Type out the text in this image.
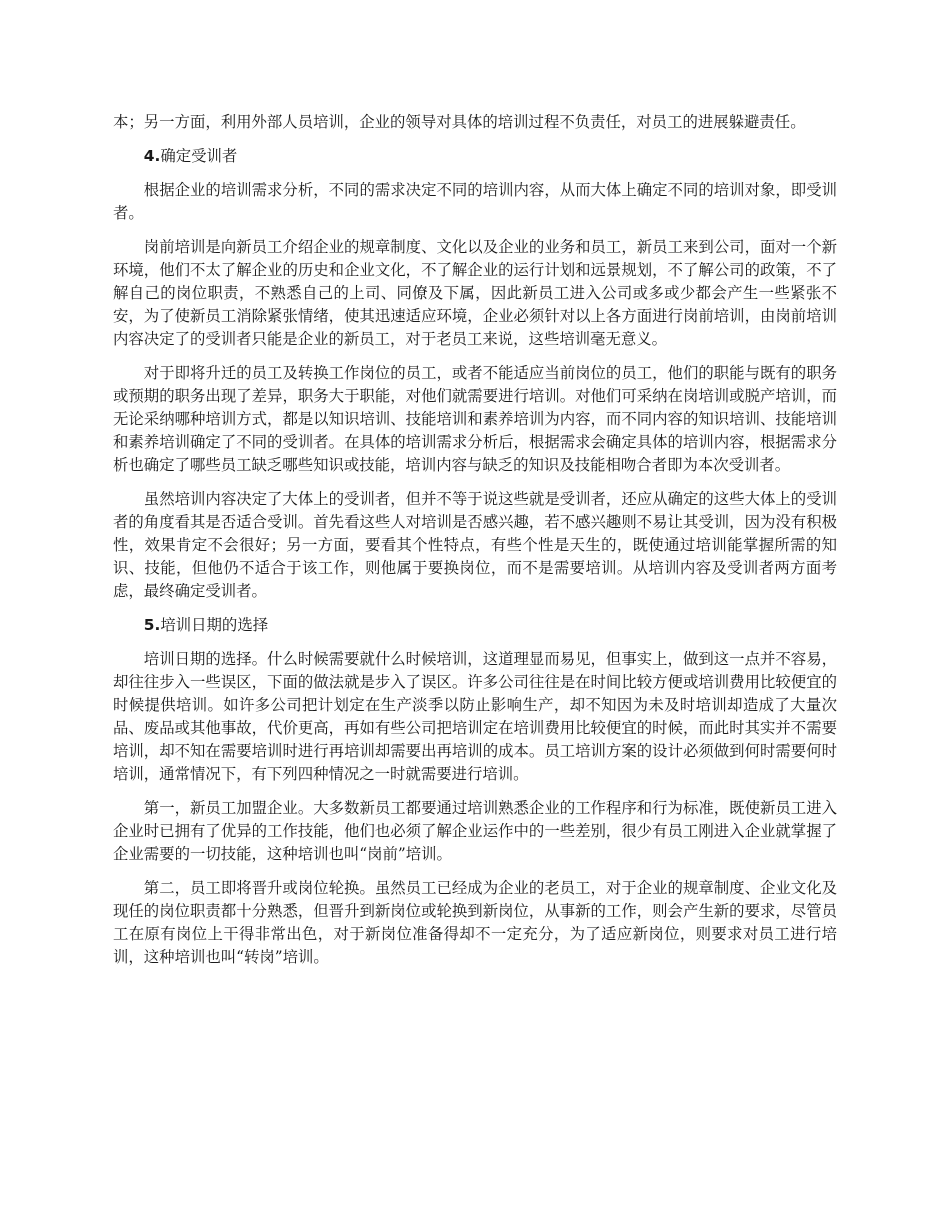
本；另一方面，利用外部人员培训，企业的领导对具体的培训过程不负责任，对员工的进展躲避责任。

4.确定受训者

根据企业的培训需求分析，不同的需求决定不同的培训内容，从而大体上确定不同的培训对象，即受训者。

岗前培训是向新员工介绍企业的规章制度、文化以及企业的业务和员工，新员工来到公司，面对一个新环境，他们不太了解企业的历史和企业文化，不了解企业的运行计划和远景规划，不了解公司的政策，不了解自己的岗位职责，不熟悉自己的上司、同僚及下属，因此新员工进入公司或多或少都会产生一些紧张不安，为了使新员工消除紧张情绪，使其迅速适应环境，企业必须针对以上各方面进行岗前培训，由岗前培训内容决定了的受训者只能是企业的新员工，对于老员工来说，这些培训毫无意义。

对于即将升迁的员工及转换工作岗位的员工，或者不能适应当前岗位的员工，他们的职能与既有的职务或预期的职务出现了差异，职务大于职能，对他们就需要进行培训。对他们可采纳在岗培训或脱产培训，而无论采纳哪种培训方式，都是以知识培训、技能培训和素养培训为内容，而不同内容的知识培训、技能培训和素养培训确定了不同的受训者。在具体的培训需求分析后，根据需求会确定具体的培训内容，根据需求分析也确定了哪些员工缺乏哪些知识或技能，培训内容与缺乏的知识及技能相吻合者即为本次受训者。

虽然培训内容决定了大体上的受训者，但并不等于说这些就是受训者，还应从确定的这些大体上的受训者的角度看其是否适合受训。首先看这些人对培训是否感兴趣，若不感兴趣则不易让其受训，因为没有积极性，效果肯定不会很好；另一方面，要看其个性特点，有些个性是天生的，既使通过培训能掌握所需的知识、技能，但他仍不适合于该工作，则他属于要换岗位，而不是需要培训。从培训内容及受训者两方面考虑，最终确定受训者。

5.培训日期的选择

培训日期的选择。什么时候需要就什么时候培训，这道理显而易见，但事实上，做到这一点并不容易，却往往步入一些误区，下面的做法就是步入了误区。许多公司往往是在时间比较方便或培训费用比较便宜的时候提供培训。如许多公司把计划定在生产淡季以防止影响生产，却不知因为未及时培训却造成了大量次品、废品或其他事故，代价更高，再如有些公司把培训定在培训费用比较便宜的时候，而此时其实并不需要培训，却不知在需要培训时进行再培训却需要出再培训的成本。员工培训方案的设计必须做到何时需要何时培训，通常情况下，有下列四种情况之一时就需要进行培训。

第一，新员工加盟企业。大多数新员工都要通过培训熟悉企业的工作程序和行为标准，既使新员工进入企业时已拥有了优异的工作技能，他们也必须了解企业运作中的一些差别，很少有员工刚进入企业就掌握了企业需要的一切技能，这种培训也叫“岗前”培训。

第二，员工即将晋升或岗位轮换。虽然员工已经成为企业的老员工，对于企业的规章制度、企业文化及现任的岗位职责都十分熟悉，但晋升到新岗位或轮换到新岗位，从事新的工作，则会产生新的要求，尽管员工在原有岗位上干得非常出色，对于新岗位准备得却不一定充分，为了适应新岗位，则要求对员工进行培训，这种培训也叫“转岗”培训。
